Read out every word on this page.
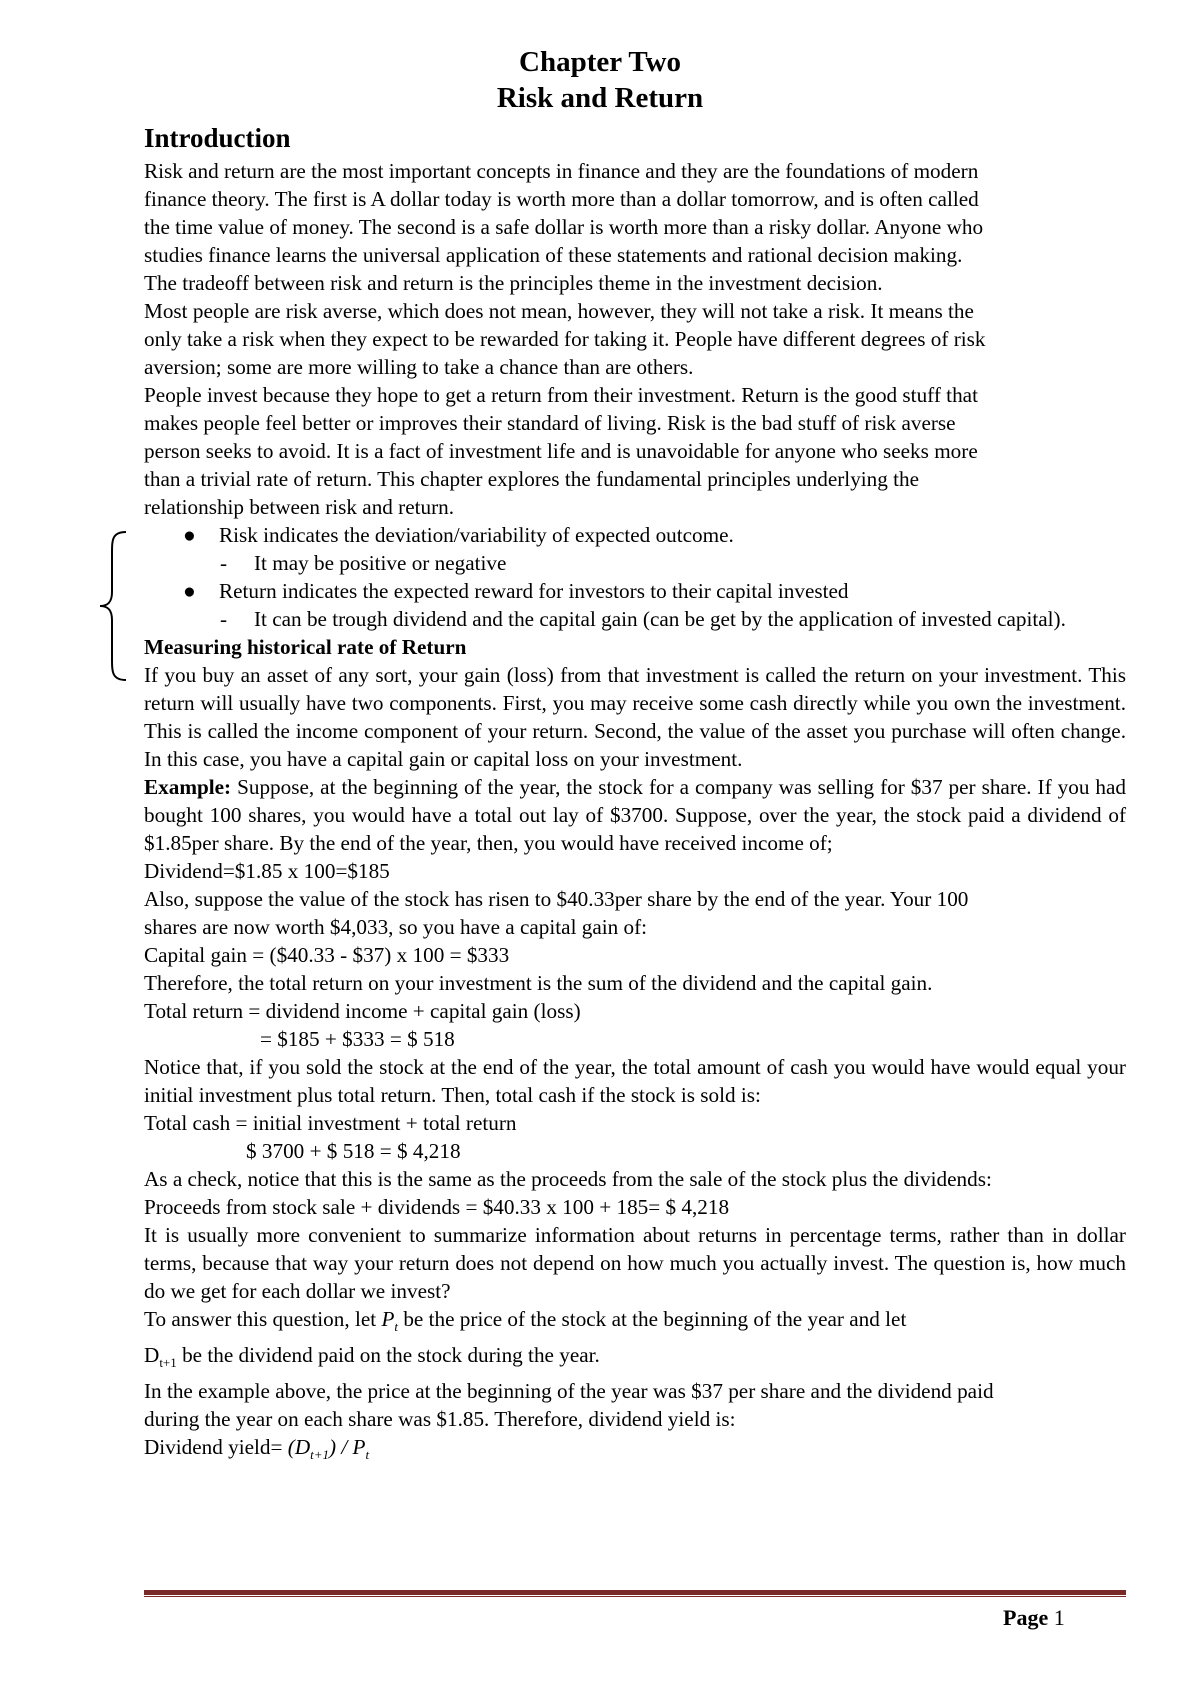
Chapter Two
Risk and Return
Introduction

Risk and return are the most important concepts in finance and they are the foundations of modern

finance theory. The first is A dollar today is worth more than a dollar tomorrow, and is often called

the time value of money. The second is a safe dollar is worth more than a risky dollar. Anyone who

studies finance learns the universal application of these statements and rational decision making.

The tradeoff between risk and return is the principles theme in the investment decision.

Most people are risk averse, which does not mean, however, they will not take a risk. It means the

only take a risk when they expect to be rewarded for taking it. People have different degrees of risk

aversion; some are more willing to take a chance than are others.

People invest because they hope to get a return from their investment. Return is the good stuff that

makes people feel better or improves their standard of living. Risk is the bad stuff of risk averse

person seeks to avoid. It is a fact of investment life and is unavoidable for anyone who seeks more

than a trivial rate of return. This chapter explores the fundamental principles underlying the

relationship between risk and return.

● Risk indicates the deviation/variability of expected outcome.

- It may be positive or negative

● Return indicates the expected reward for investors to their capital invested

- It can be trough dividend and the capital gain (can be get by the application of invested capital).

Measuring historical rate of Return

If you buy an asset of any sort, your gain (loss) from that investment is called the return on your investment. This return will usually have two components. First, you may receive some cash directly while you own the investment. This is called the income component of your return. Second, the value of the asset you purchase will often change. In this case, you have a capital gain or capital loss on your investment.

Example: Suppose, at the beginning of the year, the stock for a company was selling for $37 per share. If you had bought 100 shares, you would have a total out lay of $3700. Suppose, over the year, the stock paid a dividend of $1.85per share. By the end of the year, then, you would have received income of;

Dividend=$1.85 x 100=$185

Also, suppose the value of the stock has risen to $40.33per share by the end of the year. Your 100

shares are now worth $4,033, so you have a capital gain of:

Capital gain = ($40.33 - $37) x 100 = $333

Therefore, the total return on your investment is the sum of the dividend and the capital gain.

Total return = dividend income + capital gain (loss)

= $185 + $333 = $ 518

Notice that, if you sold the stock at the end of the year, the total amount of cash you would have would equal your initial investment plus total return. Then, total cash if the stock is sold is:

Total cash = initial investment + total return

$ 3700 + $ 518 = $ 4,218

As a check, notice that this is the same as the proceeds from the sale of the stock plus the dividends:

Proceeds from stock sale + dividends = $40.33 x 100 + 185= $ 4,218

It is usually more convenient to summarize information about returns in percentage terms, rather than in dollar terms, because that way your return does not depend on how much you actually invest. The question is, how much do we get for each dollar we invest?

To answer this question, let $P_t$ be the price of the stock at the beginning of the year and let

$D_{t+1}$ be the dividend paid on the stock during the year.

In the example above, the price at the beginning of the year was $37 per share and the dividend paid

during the year on each share was $1.85. Therefore, dividend yield is:

Dividend yield= $(D_{t+1}) / P_t$

Page 1
